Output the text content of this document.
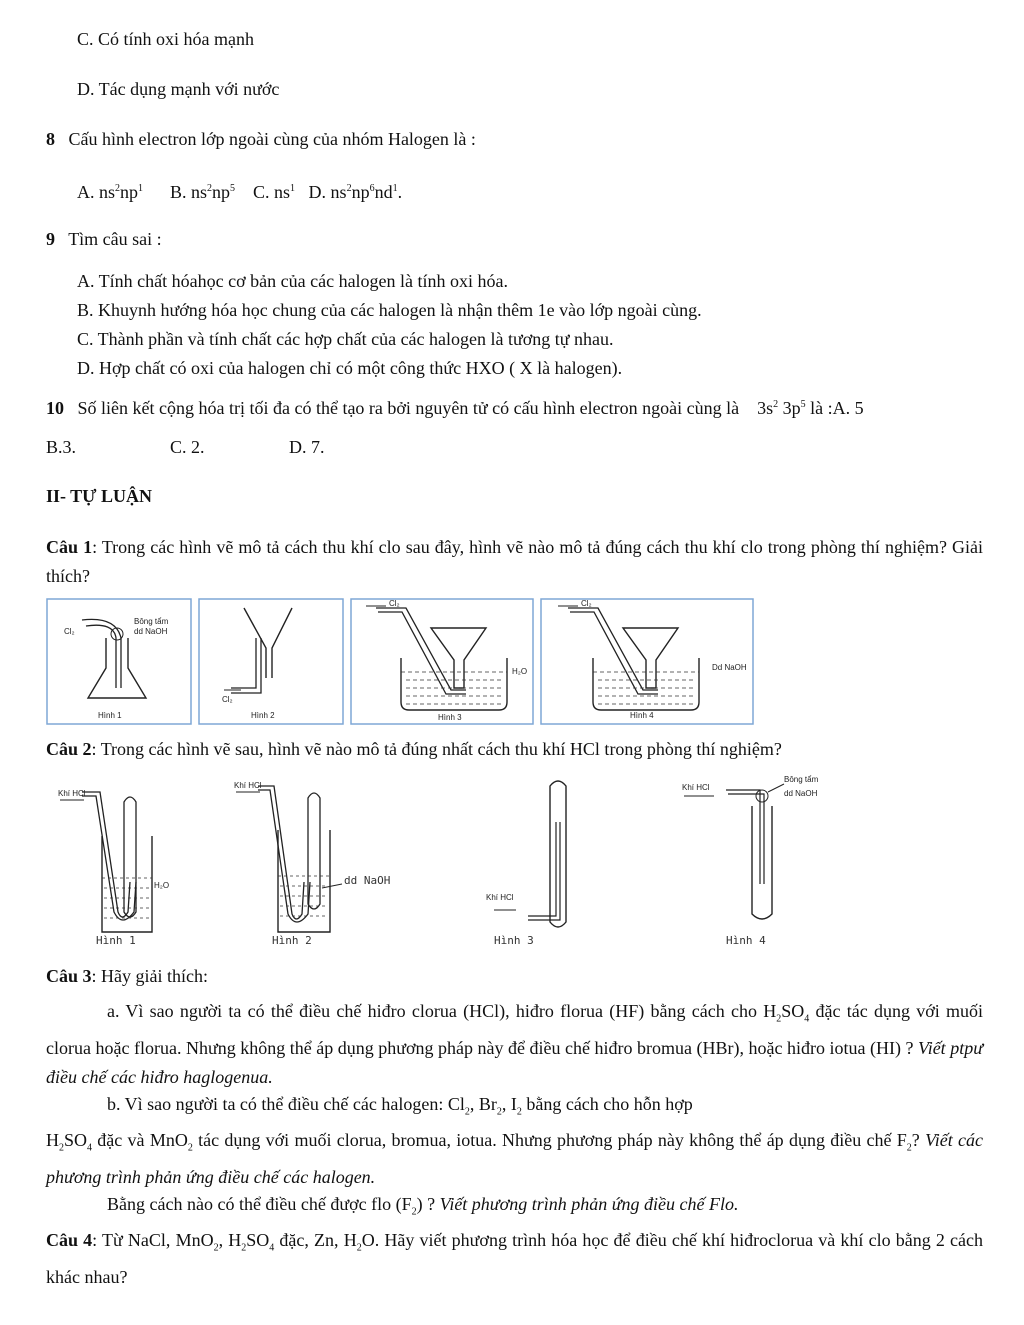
C. Có tính oxi hóa mạnh
D. Tác dụng mạnh với nước
8 Cấu hình electron lớp ngoài cùng của nhóm Halogen là :
A. $ns^2np^1$ B. $ns^2np^5$ C. $ns^1$ D. $ns^2np^6nd^1$.
9 Tìm câu sai :
A. Tính chất hóahọc cơ bản của các halogen là tính oxi hóa.
B. Khuynh hướng hóa học chung của các halogen là nhận thêm 1e vào lớp ngoài cùng.
C. Thành phần và tính chất các hợp chất của các halogen là tương tự nhau.
D. Hợp chất có oxi của halogen chỉ có một công thức HXO ( X là halogen).
10 Số liên kết cộng hóa trị tối đa có thể tạo ra bởi nguyên tử có cấu hình electron ngoài cùng là $3s^2$ $3p^5$ là :A. 5
B.3.	C. 2.	D. 7.
II- TỰ LUẬN
Câu 1: Trong các hình vẽ mô tả cách thu khí clo sau đây, hình vẽ nào mô tả đúng cách thu khí clo trong phòng thí nghiệm? Giải thích?
Cl₂
Bông tẩm
dd NaOH
Hình 1
Cl₂
Hình 2
Cl₂
H₂O
Hình 3
Cl₂
Dd NaOH
Hình 4
Câu 2: Trong các hình vẽ sau, hình vẽ nào mô tả đúng nhất cách thu khí HCl trong phòng thí nghiệm?
Khí HCl
H₂O
Hình 1
Khí HCl
dd NaOH
Hình 2
Khí HCl
Hình 3
Khí HCl
Bông tẩm
dd NaOH
Hình 4
Câu 3: Hãy giải thích:
a. Vì sao người ta có thể điều chế hiđro clorua (HCl), hiđro florua (HF) bằng cách cho $H_2SO_4$ đặc tác dụng với muối clorua hoặc florua. Nhưng không thể áp dụng phương pháp này để điều chế hiđro bromua (HBr), hoặc hiđro iotua (HI) ? Viết ptpư điều chế các hiđro haglogenua.
b. Vì sao người ta có thể điều chế các halogen: $Cl_2$, $Br_2$, $I_2$ bằng cách cho hỗn hợp
$H_2SO_4$ đặc và MnO$_2$ tác dụng với muối clorua, bromua, iotua. Nhưng phương pháp này không thể áp dụng điều chế $F_2$? Viết các phương trình phản ứng điều chế các halogen.
Bằng cách nào có thể điều chế được flo $(F_2)$ ? Viết phương trình phản ứng điều chế Flo.
Câu 4: Từ NaCl, MnO$_2$, $H_2SO_4$ đặc, Zn, $H_2O$. Hãy viết phương trình hóa học để điều chế khí hiđroclorua và khí clo bằng 2 cách khác nhau?
